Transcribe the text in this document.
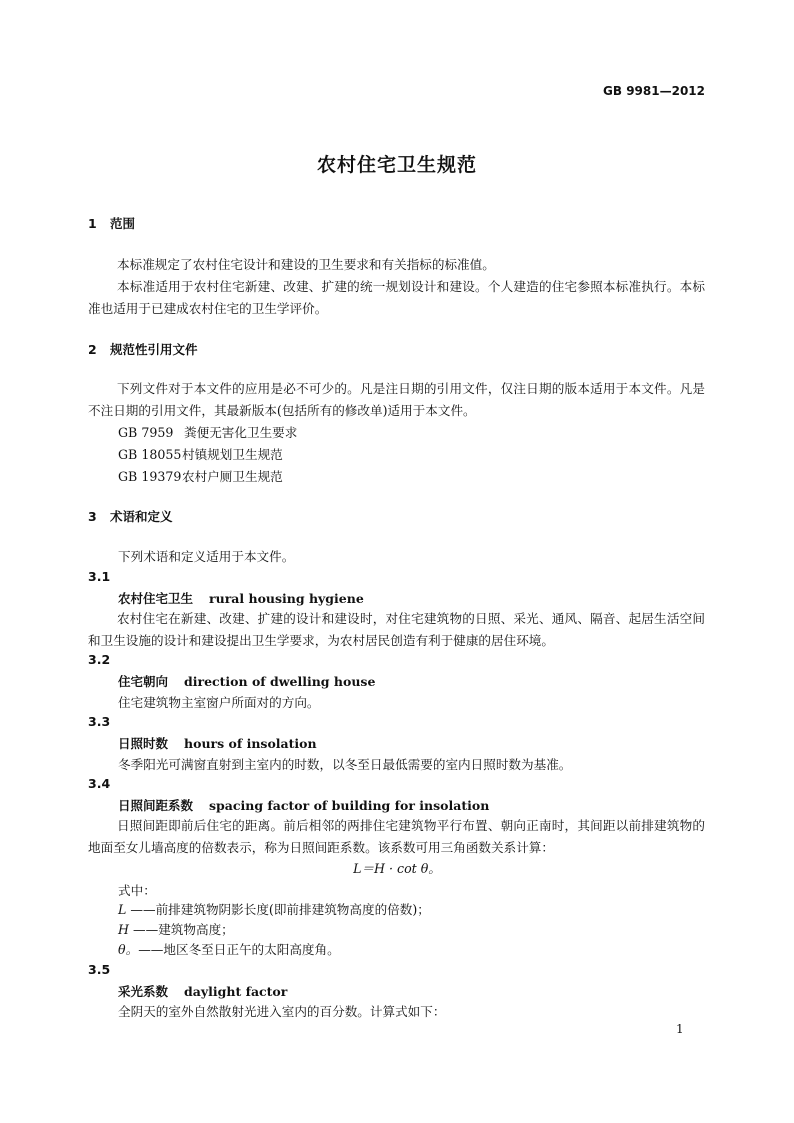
GB 9981—2012
农村住宅卫生规范
1 范围
本标准规定了农村住宅设计和建设的卫生要求和有关指标的标准值。
本标准适用于农村住宅新建、改建、扩建的统一规划设计和建设。个人建造的住宅参照本标准执行。本标准也适用于已建成农村住宅的卫生学评价。
2 规范性引用文件
下列文件对于本文件的应用是必不可少的。凡是注日期的引用文件，仅注日期的版本适用于本文件。凡是不注日期的引用文件，其最新版本(包括所有的修改单)适用于本文件。
GB 7959 粪便无害化卫生要求
GB 18055村镇规划卫生规范
GB 19379农村户厕卫生规范
3 术语和定义
下列术语和定义适用于本文件。
3.1
农村住宅卫生 rural housing hygiene
农村住宅在新建、改建、扩建的设计和建设时，对住宅建筑物的日照、采光、通风、隔音、起居生活空间和卫生设施的设计和建设提出卫生学要求，为农村居民创造有利于健康的居住环境。
3.2
住宅朝向 direction of dwelling house
住宅建筑物主室窗户所面对的方向。
3.3
日照时数 hours of insolation
冬季阳光可满窗直射到主室内的时数，以冬至日最低需要的室内日照时数为基准。
3.4
日照间距系数 spacing factor of building for insolation
日照间距即前后住宅的距离。前后相邻的两排住宅建筑物平行布置、朝向正南时，其间距以前排建筑物的地面至女儿墙高度的倍数表示，称为日照间距系数。该系数可用三角函数关系计算：
L＝H · cot θ。
式中：
L ——前排建筑物阴影长度(即前排建筑物高度的倍数)；
H ——建筑物高度；
θ。——地区冬至日正午的太阳高度角。
3.5
采光系数 daylight factor
全阴天的室外自然散射光进入室内的百分数。计算式如下：
1
